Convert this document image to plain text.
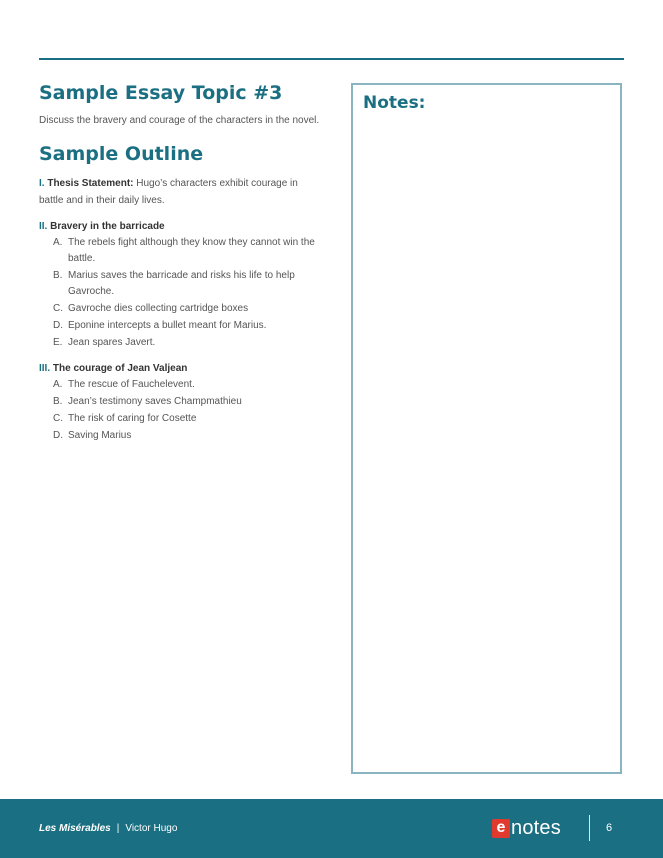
Sample Essay Topic #3

Discuss the bravery and courage of the characters in the novel.

Sample Outline

I. Thesis Statement: Hugo’s characters exhibit courage in battle and in their daily lives.

II. Bravery in the barricade

A. The rebels fight although they know they cannot win the battle.
B. Marius saves the barricade and risks his life to help Gavroche.
C. Gavroche dies collecting cartridge boxes
D. Eponine intercepts a bullet meant for Marius.
E. Jean spares Javert.

III. The courage of Jean Valjean

A. The rescue of Fauchelevent.
B. Jean’s testimony saves Champmathieu
C. The risk of caring for Cosette
D. Saving Marius
Notes:
Les Misérables | Victor Hugo	e notes	6
